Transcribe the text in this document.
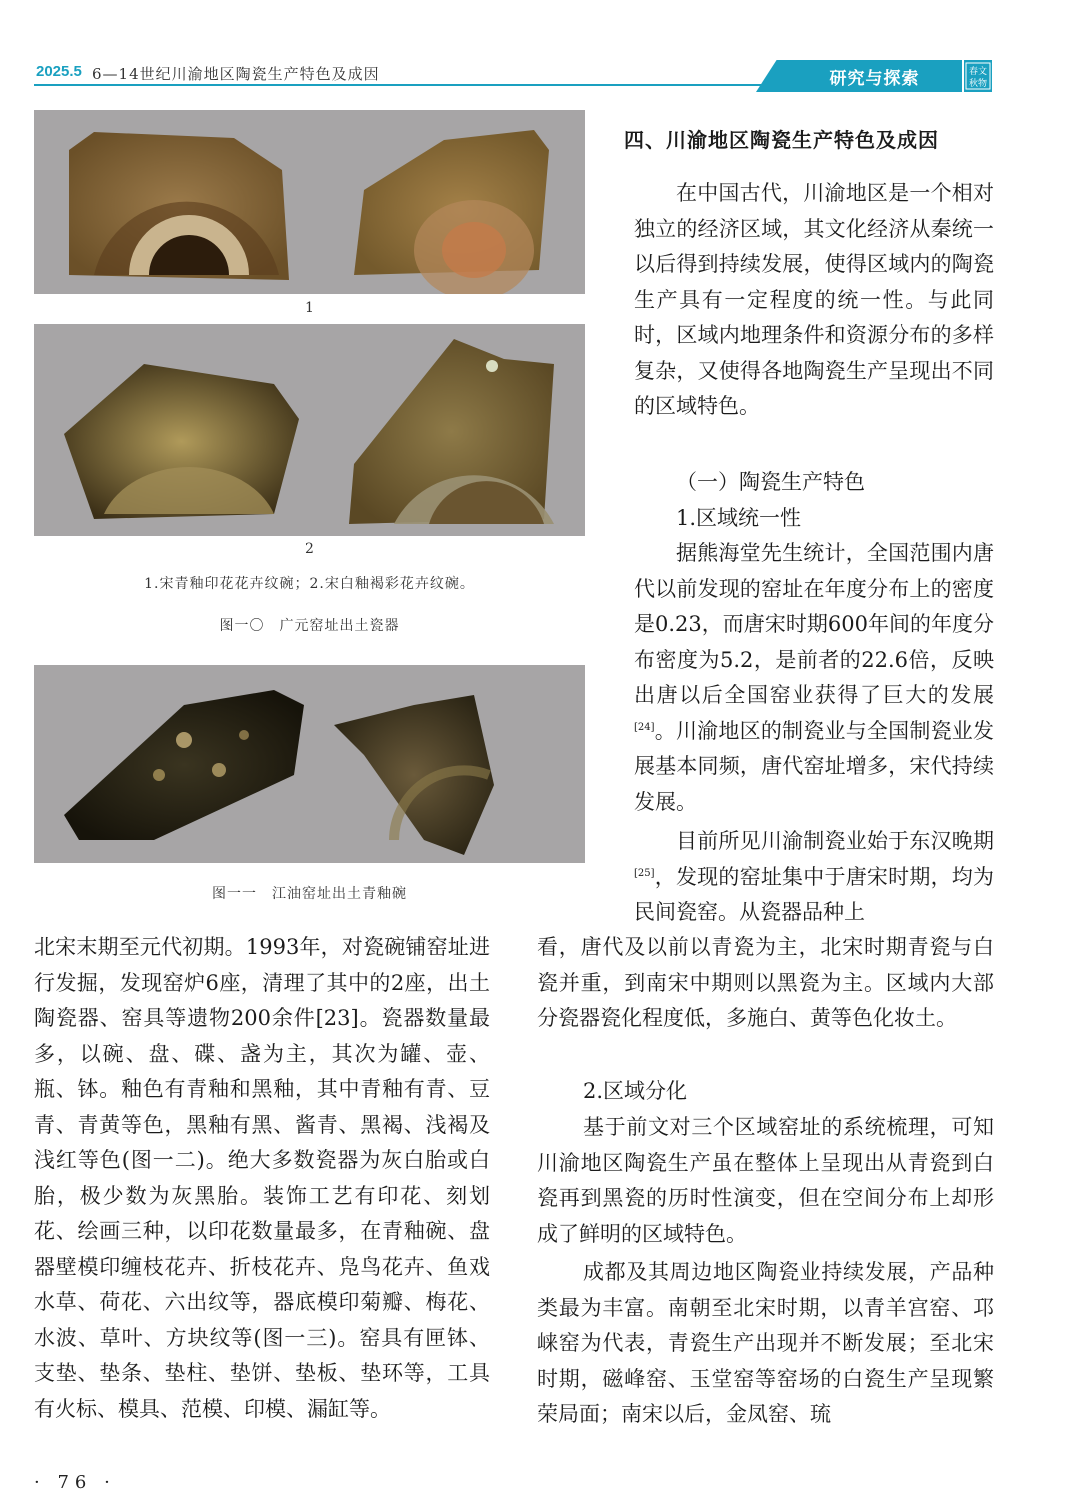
2025.5 6—14世纪川渝地区陶瓷生产特色及成因	研究与探索	春文
秋物
1
2
1.宋青釉印花花卉纹碗；2.宋白釉褐彩花卉纹碗。
图一〇　广元窑址出土瓷器
图一一　江油窑址出土青釉碗
北宋末期至元代初期。1993年，对瓷碗铺窑址进行发掘，发现窑炉6座，清理了其中的2座，出土陶瓷器、窑具等遗物200余件[23]。瓷器数量最多，以碗、盘、碟、盏为主，其次为罐、壶、瓶、钵。釉色有青釉和黑釉，其中青釉有青、豆青、青黄等色，黑釉有黑、酱青、黑褐、浅褐及浅红等色(图一二)。绝大多数瓷器为灰白胎或白胎，极少数为灰黑胎。装饰工艺有印花、刻划花、绘画三种，以印花数量最多，在青釉碗、盘器壁模印缠枝花卉、折枝花卉、凫鸟花卉、鱼戏水草、荷花、六出纹等，器底模印菊瓣、梅花、水波、草叶、方块纹等(图一三)。窑具有匣钵、支垫、垫条、垫柱、垫饼、垫板、垫环等，工具有火标、模具、范模、印模、漏缸等。
四、川渝地区陶瓷生产特色及成因
在中国古代，川渝地区是一个相对独立的经济区域，其文化经济从秦统一以后得到持续发展，使得区域内的陶瓷生产具有一定程度的统一性。与此同时，区域内地理条件和资源分布的多样复杂，又使得各地陶瓷生产呈现出不同的区域特色。
（一）陶瓷生产特色
1.区域统一性
据熊海堂先生统计，全国范围内唐代以前发现的窑址在年度分布上的密度是0.23，而唐宋时期600年间的年度分布密度为5.2，是前者的22.6倍，反映出唐以后全国窑业获得了巨大的发展[24]。川渝地区的制瓷业与全国制瓷业发展基本同频，唐代窑址增多，宋代持续发展。
目前所见川渝制瓷业始于东汉晚期[25]，发现的窑址集中于唐宋时期，均为民间瓷窑。从瓷器品种上
看，唐代及以前以青瓷为主，北宋时期青瓷与白瓷并重，到南宋中期则以黑瓷为主。区域内大部分瓷器瓷化程度低，多施白、黄等色化妆土。
2.区域分化
基于前文对三个区域窑址的系统梳理，可知川渝地区陶瓷生产虽在整体上呈现出从青瓷到白瓷再到黑瓷的历时性演变，但在空间分布上却形成了鲜明的区域特色。
成都及其周边地区陶瓷业持续发展，产品种类最为丰富。南朝至北宋时期，以青羊宫窑、邛崃窑为代表，青瓷生产出现并不断发展；至北宋时期，磁峰窑、玉堂窑等窑场的白瓷生产呈现繁荣局面；南宋以后，金凤窑、琉
· 76 ·
